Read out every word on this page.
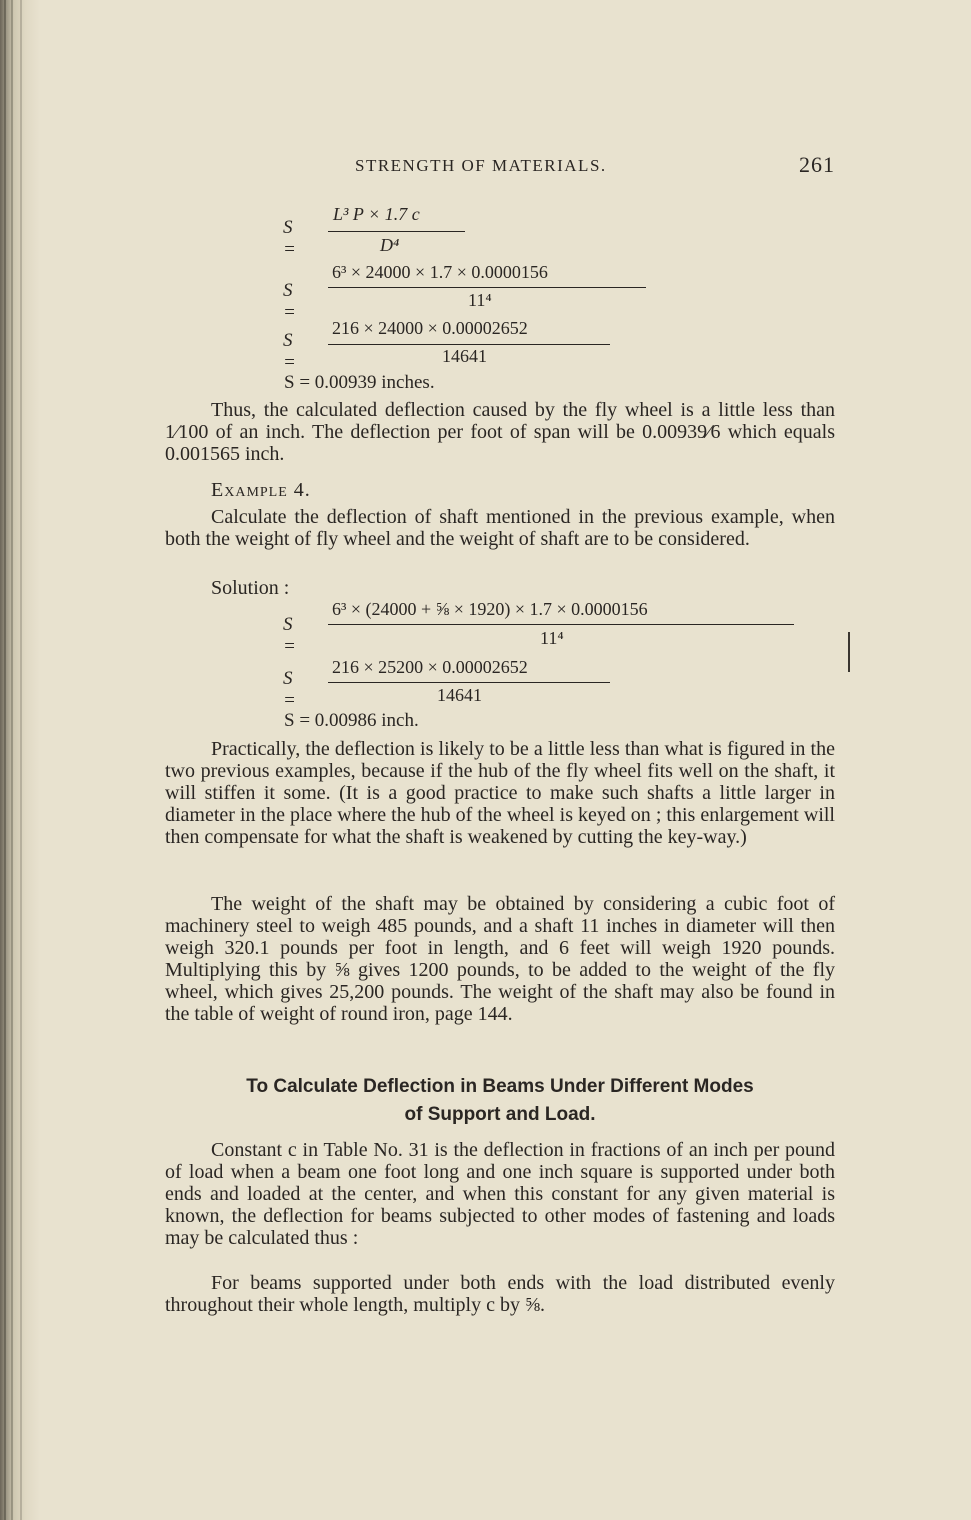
STRENGTH OF MATERIALS.	261
S =
L³ P × 1.7 c
D⁴
S =
6³ × 24000 × 1.7 × 0.0000156
11⁴
S =
216 × 24000 × 0.00002652
14641
S = 0.00939 inches.
Thus, the calculated deflection caused by the fly wheel is a little less than 1⁄100 of an inch. The deflection per foot of span will be 0.00939⁄6 which equals 0.001565 inch.
Example 4.
Calculate the deflection of shaft mentioned in the previous example, when both the weight of fly wheel and the weight of shaft are to be considered.
Solution :
S =
6³ × (24000 + ⅝ × 1920) × 1.7 × 0.0000156
11⁴
S =
216 × 25200 × 0.00002652
14641
S = 0.00986 inch.
Practically, the deflection is likely to be a little less than what is figured in the two previous examples, because if the hub of the fly wheel fits well on the shaft, it will stiffen it some. (It is a good practice to make such shafts a little larger in diameter in the place where the hub of the wheel is keyed on ; this enlargement will then compensate for what the shaft is weakened by cutting the key-way.)
The weight of the shaft may be obtained by considering a cubic foot of machinery steel to weigh 485 pounds, and a shaft 11 inches in diameter will then weigh 320.1 pounds per foot in length, and 6 feet will weigh 1920 pounds. Multiplying this by ⅝ gives 1200 pounds, to be added to the weight of the fly wheel, which gives 25,200 pounds. The weight of the shaft may also be found in the table of weight of round iron, page 144.
To Calculate Deflection in Beams Under Different Modes
of Support and Load.
Constant c in Table No. 31 is the deflection in fractions of an inch per pound of load when a beam one foot long and one inch square is supported under both ends and loaded at the center, and when this constant for any given material is known, the deflection for beams subjected to other modes of fastening and loads may be calculated thus :
For beams supported under both ends with the load distributed evenly throughout their whole length, multiply c by ⅝.
